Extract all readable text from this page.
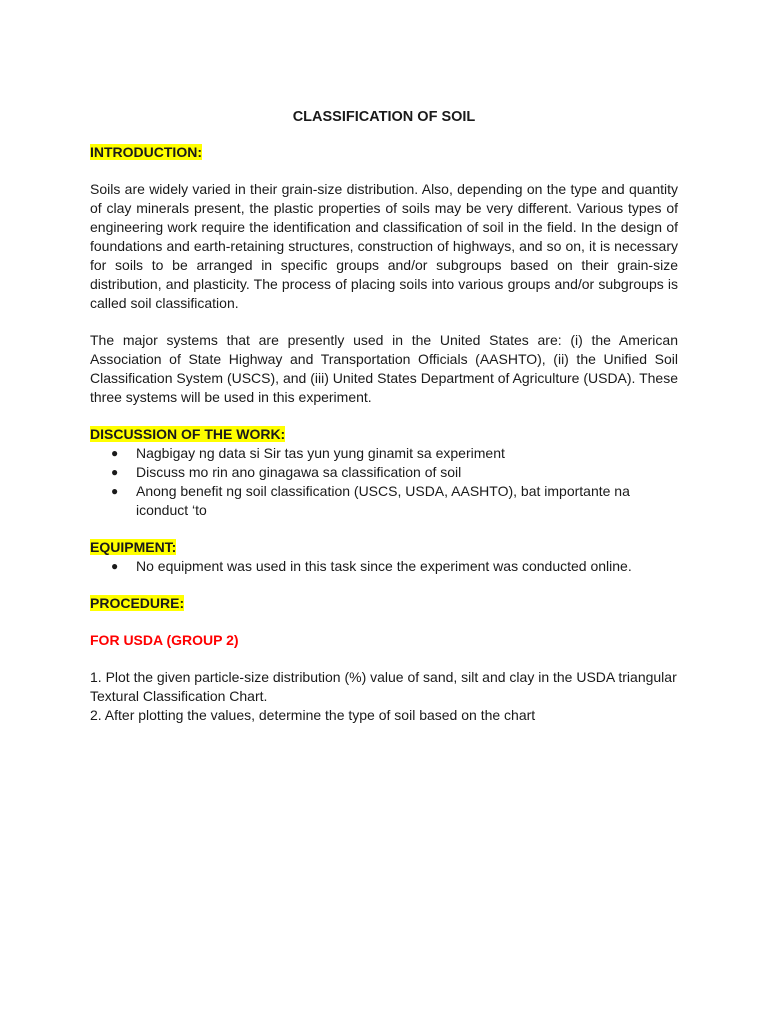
CLASSIFICATION OF SOIL
INTRODUCTION:

Soils are widely varied in their grain-size distribution. Also, depending on the type and quantity of clay minerals present, the plastic properties of soils may be very different. Various types of engineering work require the identification and classification of soil in the field. In the design of foundations and earth-retaining structures, construction of highways, and so on, it is necessary for soils to be arranged in specific groups and/or subgroups based on their grain-size distribution, and plasticity. The process of placing soils into various groups and/or subgroups is called soil classification.

The major systems that are presently used in the United States are: (i) the American Association of State Highway and Transportation Officials (AASHTO), (ii) the Unified Soil Classification System (USCS), and (iii) United States Department of Agriculture (USDA). These three systems will be used in this experiment.

DISCUSSION OF THE WORK:
● Nagbigay ng data si Sir tas yun yung ginamit sa experiment
● Discuss mo rin ano ginagawa sa classification of soil
● Anong benefit ng soil classification (USCS, USDA, AASHTO), bat importante na iconduct ‘to
EQUIPMENT:
● No equipment was used in this task since the experiment was conducted online.
PROCEDURE:
FOR USDA (GROUP 2)

1. Plot the given particle-size distribution (%) value of sand, silt and clay in the USDA triangular Textural Classification Chart.

2. After plotting the values, determine the type of soil based on the chart
